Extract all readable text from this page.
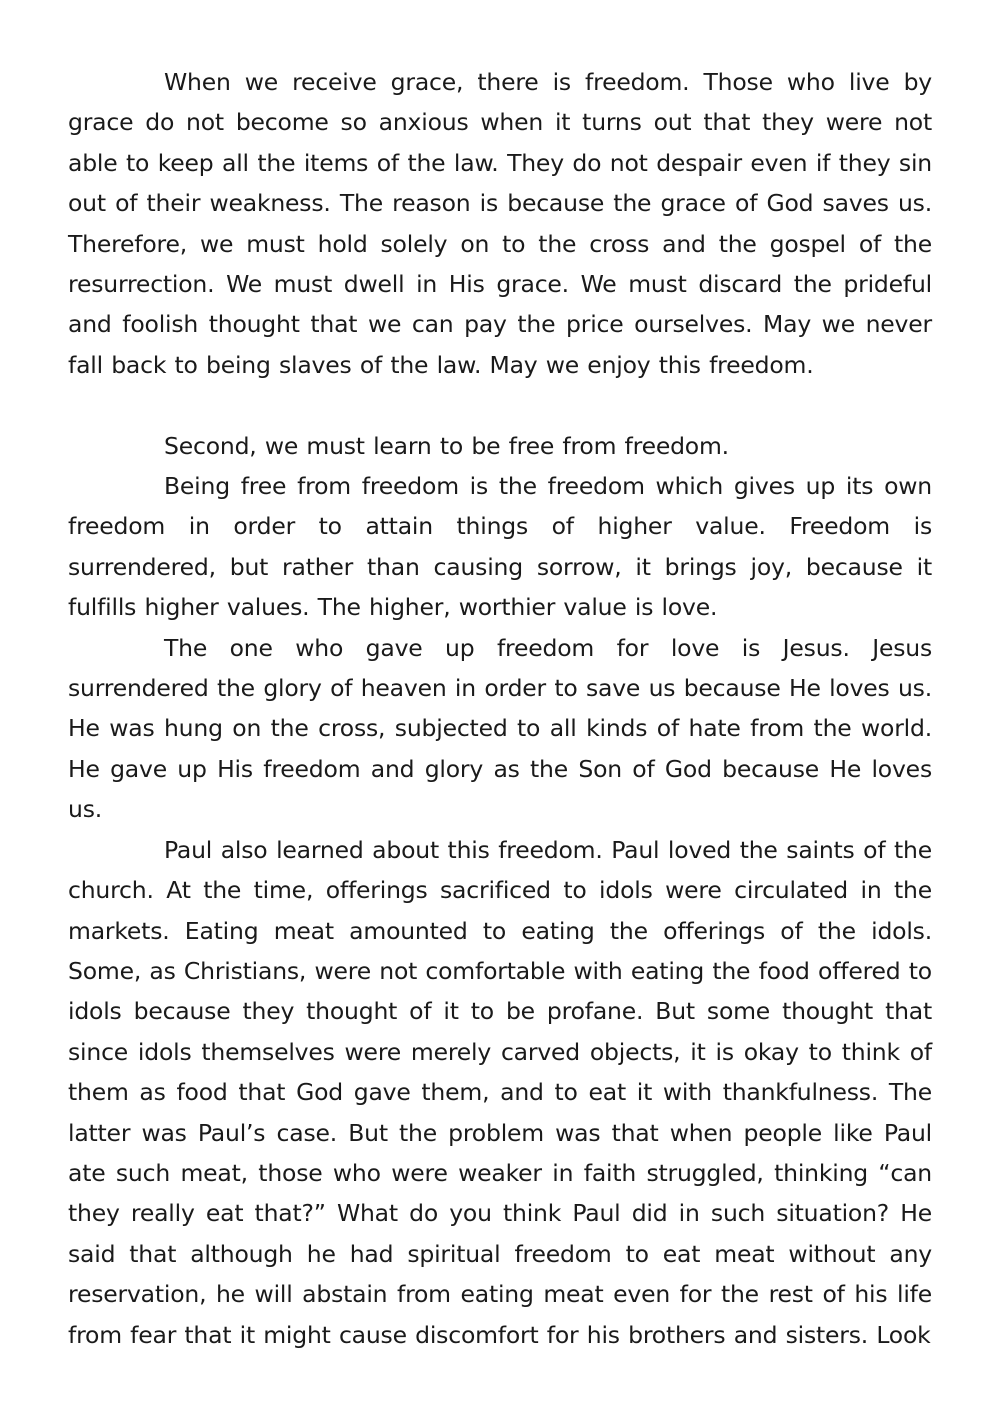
When we receive grace, there is freedom. Those who live by grace do not become so anxious when it turns out that they were not able to keep all the items of the law. They do not despair even if they sin out of their weakness. The reason is because the grace of God saves us. Therefore, we must hold solely on to the cross and the gospel of the resurrection. We must dwell in His grace. We must discard the prideful and foolish thought that we can pay the price ourselves. May we never fall back to being slaves of the law. May we enjoy this freedom.

Second, we must learn to be free from freedom.

Being free from freedom is the freedom which gives up its own freedom in order to attain things of higher value. Freedom is surrendered, but rather than causing sorrow, it brings joy, because it fulfills higher values. The higher, worthier value is love.

The one who gave up freedom for love is Jesus. Jesus surrendered the glory of heaven in order to save us because He loves us. He was hung on the cross, subjected to all kinds of hate from the world. He gave up His freedom and glory as the Son of God because He loves us.

Paul also learned about this freedom. Paul loved the saints of the church. At the time, offerings sacrificed to idols were circulated in the markets. Eating meat amounted to eating the offerings of the idols. Some, as Christians, were not comfortable with eating the food offered to idols because they thought of it to be profane. But some thought that since idols themselves were merely carved objects, it is okay to think of them as food that God gave them, and to eat it with thankfulness. The latter was Paul’s case. But the problem was that when people like Paul ate such meat, those who were weaker in faith struggled, thinking “can they really eat that?” What do you think Paul did in such situation? He said that although he had spiritual freedom to eat meat without any reservation, he will abstain from eating meat even for the rest of his life from fear that it might cause discomfort for his brothers and sisters. Look
